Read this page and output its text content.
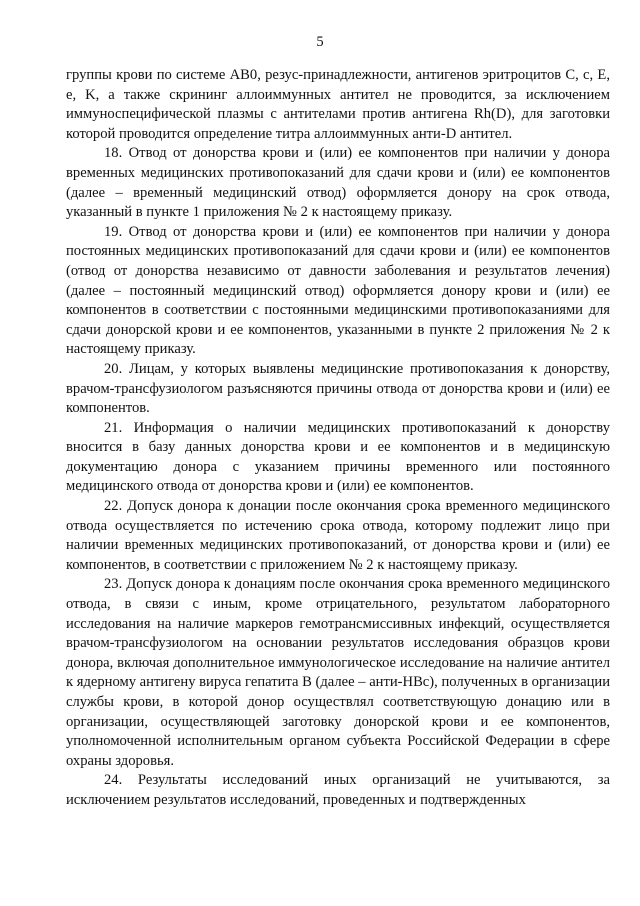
5

группы крови по системе АВ0, резус-принадлежности, антигенов эритроцитов C, c, E, e, K, а также скрининг аллоиммунных антител не проводится, за исключением иммуноспецифической плазмы с антителами против антигена Rh(D), для заготовки которой проводится определение титра аллоиммунных анти-D антител.

18. Отвод от донорства крови и (или) ее компонентов при наличии у донора временных медицинских противопоказаний для сдачи крови и (или) ее компонентов (далее – временный медицинский отвод) оформляется донору на срок отвода, указанный в пункте 1 приложения № 2 к настоящему приказу.

19. Отвод от донорства крови и (или) ее компонентов при наличии у донора постоянных медицинских противопоказаний для сдачи крови и (или) ее компонентов (отвод от донорства независимо от давности заболевания и результатов лечения) (далее – постоянный медицинский отвод) оформляется донору крови и (или) ее компонентов в соответствии с постоянными медицинскими противопоказаниями для сдачи донорской крови и ее компонентов, указанными в пункте 2 приложения № 2 к настоящему приказу.

20. Лицам, у которых выявлены медицинские противопоказания к донорству, врачом-трансфузиологом разъясняются причины отвода от донорства крови и (или) ее компонентов.

21. Информация о наличии медицинских противопоказаний к донорству вносится в базу данных донорства крови и ее компонентов и в медицинскую документацию донора с указанием причины временного или постоянного медицинского отвода от донорства крови и (или) ее компонентов.

22. Допуск донора к донации после окончания срока временного медицинского отвода осуществляется по истечению срока отвода, которому подлежит лицо при наличии временных медицинских противопоказаний, от донорства крови и (или) ее компонентов, в соответствии с приложением № 2 к настоящему приказу.

23. Допуск донора к донациям после окончания срока временного медицинского отвода, в связи с иным, кроме отрицательного, результатом лабораторного исследования на наличие маркеров гемотрансмиссивных инфекций, осуществляется врачом-трансфузиологом на основании результатов исследования образцов крови донора, включая дополнительное иммунологическое исследование на наличие антител к ядерному антигену вируса гепатита В (далее – анти-HBc), полученных в организации службы крови, в которой донор осуществлял соответствующую донацию или в организации, осуществляющей заготовку донорской крови и ее компонентов, уполномоченной исполнительным органом субъекта Российской Федерации в сфере охраны здоровья.

24. Результаты исследований иных организаций не учитываются, за исключением результатов исследований, проведенных и подтвержденных
